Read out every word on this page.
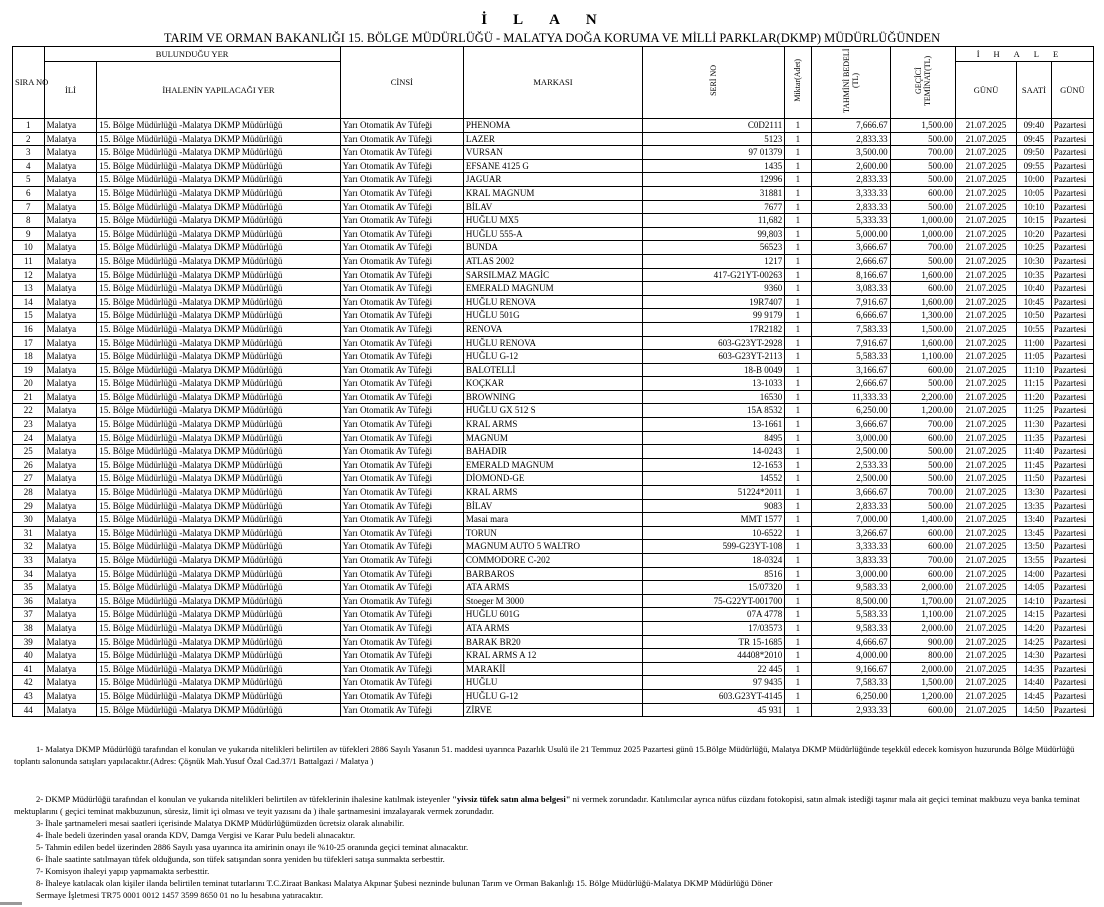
İLAN
TARIM VE ORMAN BAKANLIĞI 15. BÖLGE MÜDÜRLÜĞÜ - MALATYA DOĞA KORUMA VE MİLLİ PARKLAR(DKMP) MÜDÜRLÜĞÜNDEN
SIRA NO	BULUNDUĞU YER		CİNSİ	MARKASI	SERİ NO	Miktar(Adet)	TAHMİNİ BEDELİ (TL)	GEÇİCİ TEMİNAT(TL)	İHALE		
	İLİ	İHALENİN YAPILACAĞI YER							GÜNÜ	SAATİ	GÜNÜ
1	Malatya	15. Bölge Müdürlüğü -Malatya DKMP Müdürlüğü	Yarı Otomatik Av Tüfeği	PHENOMA	C0D2111	1	7,666.67	1,500.00	21.07.2025	09:40	Pazartesi
2	Malatya	15. Bölge Müdürlüğü -Malatya DKMP Müdürlüğü	Yarı Otomatik Av Tüfeği	LAZER	5123	1	2,833.33	500.00	21.07.2025	09:45	Pazartesi
3	Malatya	15. Bölge Müdürlüğü -Malatya DKMP Müdürlüğü	Yarı Otomatik Av Tüfeği	VURSAN	97 01379	1	3,500.00	700.00	21.07.2025	09:50	Pazartesi
4	Malatya	15. Bölge Müdürlüğü -Malatya DKMP Müdürlüğü	Yarı Otomatik Av Tüfeği	EFSANE 4125 G	1435	1	2,600.00	500.00	21.07.2025	09:55	Pazartesi
5	Malatya	15. Bölge Müdürlüğü -Malatya DKMP Müdürlüğü	Yarı Otomatik Av Tüfeği	JAGUAR	12996	1	2,833.33	500.00	21.07.2025	10:00	Pazartesi
6	Malatya	15. Bölge Müdürlüğü -Malatya DKMP Müdürlüğü	Yarı Otomatik Av Tüfeği	KRAL MAGNUM	31881	1	3,333.33	600.00	21.07.2025	10:05	Pazartesi
7	Malatya	15. Bölge Müdürlüğü -Malatya DKMP Müdürlüğü	Yarı Otomatik Av Tüfeği	BİLAV	7677	1	2,833.33	500.00	21.07.2025	10:10	Pazartesi
8	Malatya	15. Bölge Müdürlüğü -Malatya DKMP Müdürlüğü	Yarı Otomatik Av Tüfeği	HUĞLU MX5	11,682	1	5,333.33	1,000.00	21.07.2025	10:15	Pazartesi
9	Malatya	15. Bölge Müdürlüğü -Malatya DKMP Müdürlüğü	Yarı Otomatik Av Tüfeği	HUĞLU 555-A	99,803	1	5,000.00	1,000.00	21.07.2025	10:20	Pazartesi
10	Malatya	15. Bölge Müdürlüğü -Malatya DKMP Müdürlüğü	Yarı Otomatik Av Tüfeği	BUNDA	56523	1	3,666.67	700.00	21.07.2025	10:25	Pazartesi
11	Malatya	15. Bölge Müdürlüğü -Malatya DKMP Müdürlüğü	Yarı Otomatik Av Tüfeği	ATLAS 2002	1217	1	2,666.67	500.00	21.07.2025	10:30	Pazartesi
12	Malatya	15. Bölge Müdürlüğü -Malatya DKMP Müdürlüğü	Yarı Otomatik Av Tüfeği	SARSILMAZ MAGİC	417-G21YT-00263	1	8,166.67	1,600.00	21.07.2025	10:35	Pazartesi
13	Malatya	15. Bölge Müdürlüğü -Malatya DKMP Müdürlüğü	Yarı Otomatik Av Tüfeği	EMERALD MAGNUM	9360	1	3,083.33	600.00	21.07.2025	10:40	Pazartesi
14	Malatya	15. Bölge Müdürlüğü -Malatya DKMP Müdürlüğü	Yarı Otomatik Av Tüfeği	HUĞLU RENOVA	19R7407	1	7,916.67	1,600.00	21.07.2025	10:45	Pazartesi
15	Malatya	15. Bölge Müdürlüğü -Malatya DKMP Müdürlüğü	Yarı Otomatik Av Tüfeği	HUĞLU 501G	99 9179	1	6,666.67	1,300.00	21.07.2025	10:50	Pazartesi
16	Malatya	15. Bölge Müdürlüğü -Malatya DKMP Müdürlüğü	Yarı Otomatik Av Tüfeği	RENOVA	17R2182	1	7,583.33	1,500.00	21.07.2025	10:55	Pazartesi
17	Malatya	15. Bölge Müdürlüğü -Malatya DKMP Müdürlüğü	Yarı Otomatik Av Tüfeği	HUĞLU RENOVA	603-G23YT-2928	1	7,916.67	1,600.00	21.07.2025	11:00	Pazartesi
18	Malatya	15. Bölge Müdürlüğü -Malatya DKMP Müdürlüğü	Yarı Otomatik Av Tüfeği	HUĞLU G-12	603-G23YT-2113	1	5,583.33	1,100.00	21.07.2025	11:05	Pazartesi
19	Malatya	15. Bölge Müdürlüğü -Malatya DKMP Müdürlüğü	Yarı Otomatik Av Tüfeği	BALOTELLİ	18-B 0049	1	3,166.67	600.00	21.07.2025	11:10	Pazartesi
20	Malatya	15. Bölge Müdürlüğü -Malatya DKMP Müdürlüğü	Yarı Otomatik Av Tüfeği	KOÇKAR	13-1033	1	2,666.67	500.00	21.07.2025	11:15	Pazartesi
21	Malatya	15. Bölge Müdürlüğü -Malatya DKMP Müdürlüğü	Yarı Otomatik Av Tüfeği	BROWNING	16530	1	11,333.33	2,200.00	21.07.2025	11:20	Pazartesi
22	Malatya	15. Bölge Müdürlüğü -Malatya DKMP Müdürlüğü	Yarı Otomatik Av Tüfeği	HUĞLU GX 512 S	15A 8532	1	6,250.00	1,200.00	21.07.2025	11:25	Pazartesi
23	Malatya	15. Bölge Müdürlüğü -Malatya DKMP Müdürlüğü	Yarı Otomatik Av Tüfeği	KRAL ARMS	13-1661	1	3,666.67	700.00	21.07.2025	11:30	Pazartesi
24	Malatya	15. Bölge Müdürlüğü -Malatya DKMP Müdürlüğü	Yarı Otomatik Av Tüfeği	MAGNUM	8495	1	3,000.00	600.00	21.07.2025	11:35	Pazartesi
25	Malatya	15. Bölge Müdürlüğü -Malatya DKMP Müdürlüğü	Yarı Otomatik Av Tüfeği	BAHADIR	14-0243	1	2,500.00	500.00	21.07.2025	11:40	Pazartesi
26	Malatya	15. Bölge Müdürlüğü -Malatya DKMP Müdürlüğü	Yarı Otomatik Av Tüfeği	EMERALD MAGNUM	12-1653	1	2,533.33	500.00	21.07.2025	11:45	Pazartesi
27	Malatya	15. Bölge Müdürlüğü -Malatya DKMP Müdürlüğü	Yarı Otomatik Av Tüfeği	DİOMOND-GE	14552	1	2,500.00	500.00	21.07.2025	11:50	Pazartesi
28	Malatya	15. Bölge Müdürlüğü -Malatya DKMP Müdürlüğü	Yarı Otomatik Av Tüfeği	KRAL ARMS	51224*2011	1	3,666.67	700.00	21.07.2025	13:30	Pazartesi
29	Malatya	15. Bölge Müdürlüğü -Malatya DKMP Müdürlüğü	Yarı Otomatik Av Tüfeği	BİLAV	9083	1	2,833.33	500.00	21.07.2025	13:35	Pazartesi
30	Malatya	15. Bölge Müdürlüğü -Malatya DKMP Müdürlüğü	Yarı Otomatik Av Tüfeği	Masai mara	MMT 1577	1	7,000.00	1,400.00	21.07.2025	13:40	Pazartesi
31	Malatya	15. Bölge Müdürlüğü -Malatya DKMP Müdürlüğü	Yarı Otomatik Av Tüfeği	TORUN	10-6522	1	3,266.67	600.00	21.07.2025	13:45	Pazartesi
32	Malatya	15. Bölge Müdürlüğü -Malatya DKMP Müdürlüğü	Yarı Otomatik Av Tüfeği	MAGNUM AUTO 5 WALTRO	599-G23YT-108	1	3,333.33	600.00	21.07.2025	13:50	Pazartesi
33	Malatya	15. Bölge Müdürlüğü -Malatya DKMP Müdürlüğü	Yarı Otomatik Av Tüfeği	COMMODORE C-202	18-0324	1	3,833.33	700.00	21.07.2025	13:55	Pazartesi
34	Malatya	15. Bölge Müdürlüğü -Malatya DKMP Müdürlüğü	Yarı Otomatik Av Tüfeği	BARBAROS	8516	1	3,000.00	600.00	21.07.2025	14:00	Pazartesi
35	Malatya	15. Bölge Müdürlüğü -Malatya DKMP Müdürlüğü	Yarı Otomatik Av Tüfeği	ATA ARMS	15/07320	1	9,583.33	2,000.00	21.07.2025	14:05	Pazartesi
36	Malatya	15. Bölge Müdürlüğü -Malatya DKMP Müdürlüğü	Yarı Otomatik Av Tüfeği	Stoeger M 3000	75-G22YT-001700	1	8,500.00	1,700.00	21.07.2025	14:10	Pazartesi
37	Malatya	15. Bölge Müdürlüğü -Malatya DKMP Müdürlüğü	Yarı Otomatik Av Tüfeği	HUĞLU 601G	07A 4778	1	5,583.33	1,100.00	21.07.2025	14:15	Pazartesi
38	Malatya	15. Bölge Müdürlüğü -Malatya DKMP Müdürlüğü	Yarı Otomatik Av Tüfeği	ATA ARMS	17/03573	1	9,583.33	2,000.00	21.07.2025	14:20	Pazartesi
39	Malatya	15. Bölge Müdürlüğü -Malatya DKMP Müdürlüğü	Yarı Otomatik Av Tüfeği	BARAK BR20	TR 15-1685	1	4,666.67	900.00	21.07.2025	14:25	Pazartesi
40	Malatya	15. Bölge Müdürlüğü -Malatya DKMP Müdürlüğü	Yarı Otomatik Av Tüfeği	KRAL ARMS A 12	44408*2010	1	4,000.00	800.00	21.07.2025	14:30	Pazartesi
41	Malatya	15. Bölge Müdürlüğü -Malatya DKMP Müdürlüğü	Yarı Otomatik Av Tüfeği	MARAKİİ	22 445	1	9,166.67	2,000.00	21.07.2025	14:35	Pazartesi
42	Malatya	15. Bölge Müdürlüğü -Malatya DKMP Müdürlüğü	Yarı Otomatik Av Tüfeği	HUĞLU	97 9435	1	7,583.33	1,500.00	21.07.2025	14:40	Pazartesi
43	Malatya	15. Bölge Müdürlüğü -Malatya DKMP Müdürlüğü	Yarı Otomatik Av Tüfeği	HUĞLU G-12	603.G23YT-4145	1	6,250.00	1,200.00	21.07.2025	14:45	Pazartesi
44	Malatya	15. Bölge Müdürlüğü -Malatya DKMP Müdürlüğü	Yarı Otomatik Av Tüfeği	ZİRVE	45 931	1	2,933.33	600.00	21.07.2025	14:50	Pazartesi

1- Malatya DKMP Müdürlüğü tarafından el konulan ve yukarıda nitelikleri belirtilen av tüfekleri 2886 Sayılı Yasanın 51. maddesi uyarınca Pazarlık Usulü ile 21 Temmuz 2025 Pazartesi günü 15.Bölge Müdürlüğü, Malatya DKMP Müdürlüğünde teşekkül edecek komisyon huzurunda Bölge Müdürlüğü toplantı salonunda satışları yapılacaktır.(Adres: Çöşnük Mah.Yusuf Özal Cad.37/1 Battalgazi / Malatya )

2- DKMP Müdürlüğü tarafından el konulan ve yukarıda nitelikleri belirtilen av tüfeklerinin ihalesine katılmak isteyenler "yivsiz tüfek satın alma belgesi" ni vermek zorundadır. Katılımcılar ayrıca nüfus cüzdanı fotokopisi, satın almak istediği taşınır mala ait geçici teminat makbuzu veya banka teminat mektuplarını ( geçici teminat makbuzunun, süresiz, limit içi olması ve teyit yazısını da ) ihale şartnamesini imzalayarak vermek zorundadır.

3- İhale şartnameleri mesai saatleri içerisinde Malatya DKMP Müdürlüğümüzden ücretsiz olarak alınabilir.

4- İhale bedeli üzerinden yasal oranda KDV, Damga Vergisi ve Karar Pulu bedeli alınacaktır.

5- Tahmin edilen bedel üzerinden 2886 Sayılı yasa uyarınca ita amirinin onayı ile %10-25 oranında geçici teminat alınacaktır.

6- İhale saatinte satılmayan tüfek olduğunda, son tüfek satışından sonra yeniden bu tüfekleri satışa sunmakta serbesttir.

7- Komisyon ihaleyi yapıp yapmamakta serbesttir.

8- İhaleye katılacak olan kişiler ilanda belirtilen teminat tutarlarını T.C.Ziraat Bankası Malatya Akpınar Şubesi nezninde bulunan Tarım ve Orman Bakanlığı 15. Bölge Müdürlüğü-Malatya DKMP Müdürlüğü Döner

Sermaye İşletmesi TR75 0001 0012 1457 3599 8650 01 no lu hesabına yatıracaktır.
